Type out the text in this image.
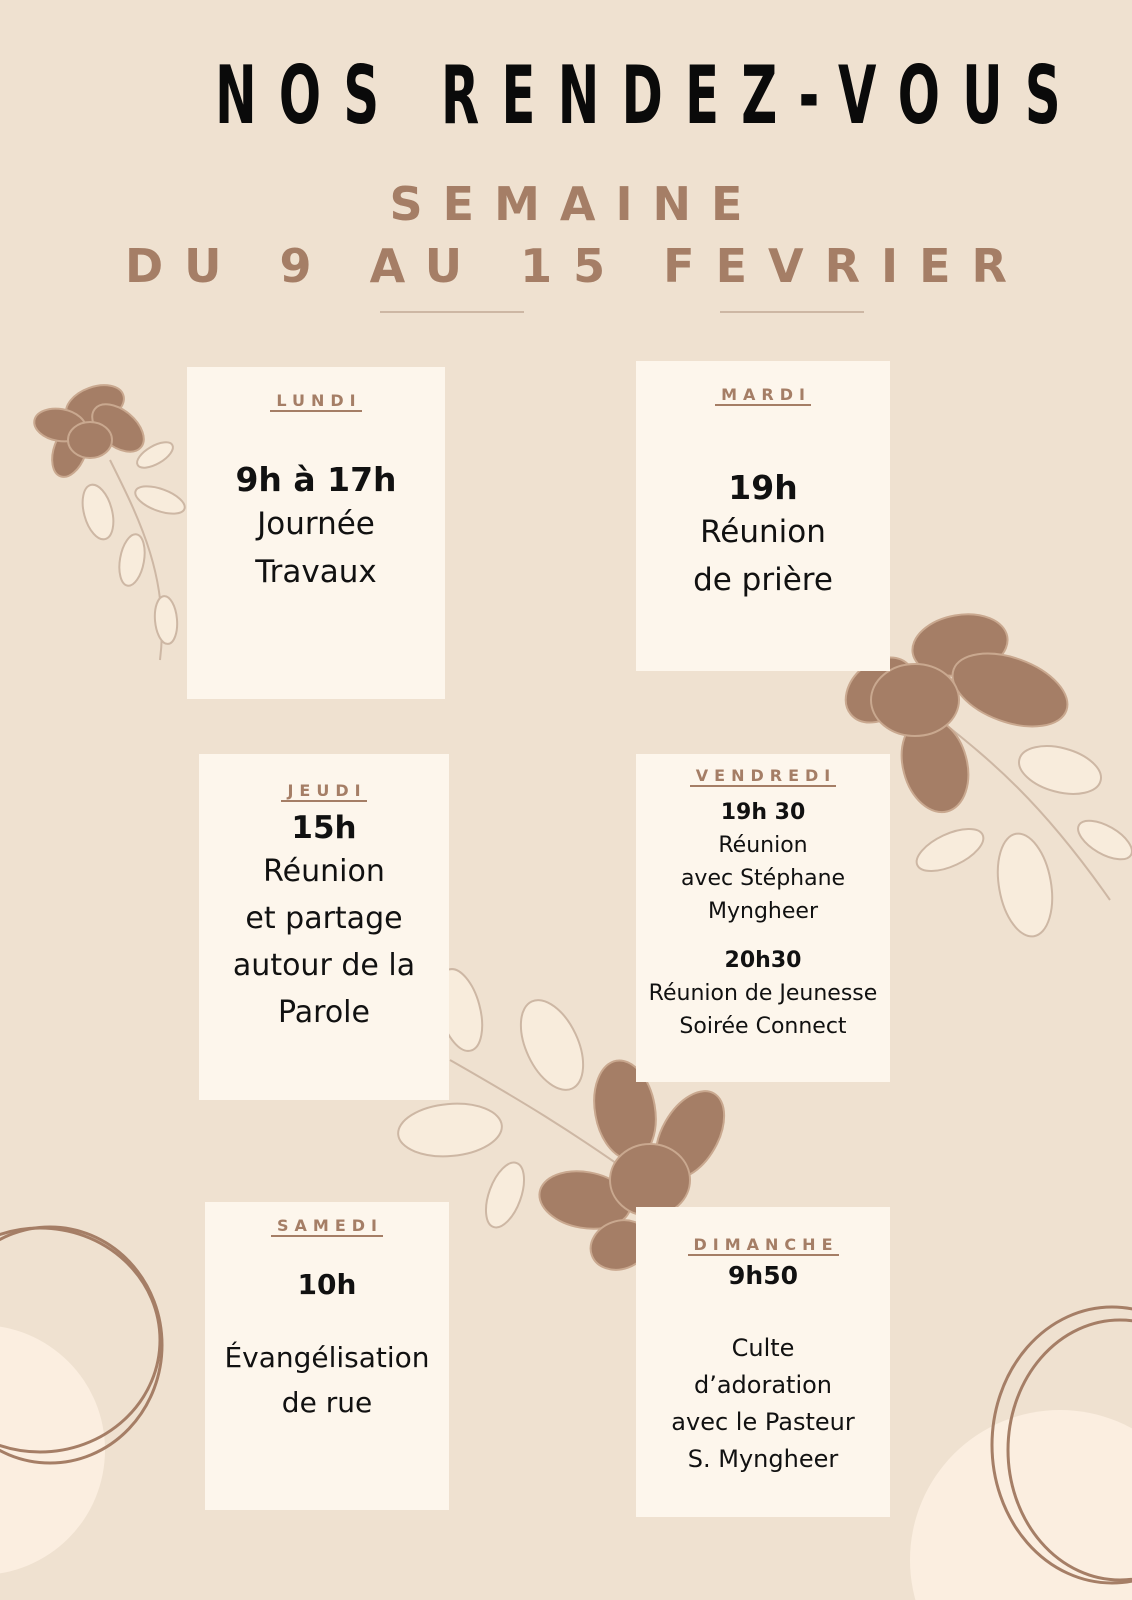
NOS RENDEZ-VOUS
SEMAINE
DU 9 AU 15 FEVRIER
LUNDI
9h à 17h
Journée
Travaux
MARDI
19h
Réunion
de prière
JEUDI
15h
Réunion
et partage
autour de la
Parole
VENDREDI
19h 30
Réunion
avec Stéphane
Myngheer
20h30
Réunion de Jeunesse
Soirée Connect
SAMEDI
10h
Évangélisation
de rue
DIMANCHE
9h50
Culte
d’adoration
avec le Pasteur
S. Myngheer
